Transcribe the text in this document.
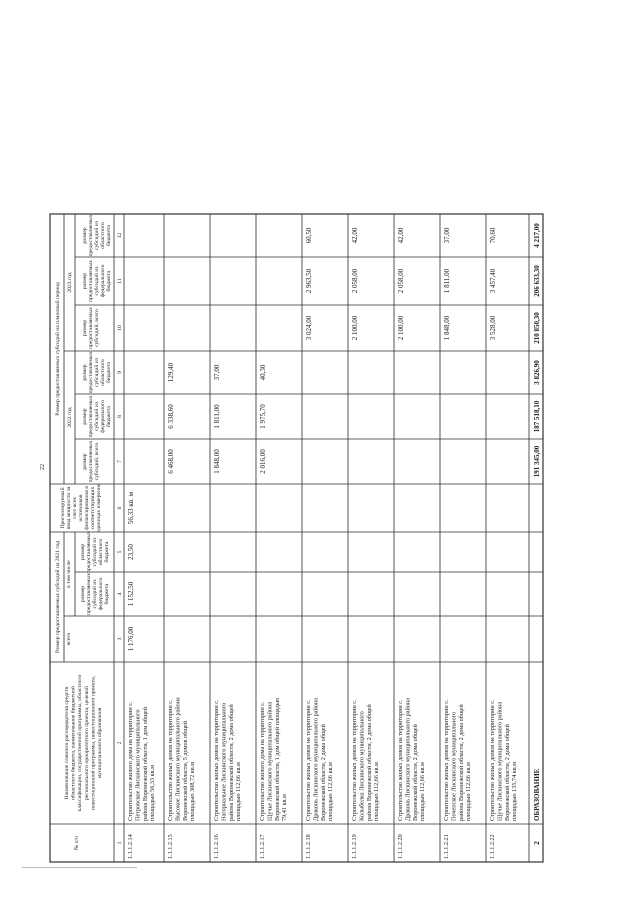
№ п/п
Наименование главного распорядителя средствобластного бюджета, наименование бюджетнойклассификации, государственной программы, областногорегионального приоритетного проекта, целевойинвестиционной программы, инвестиционного проекта,муниципального образования
Размер предоставляемых субсидий на 2021 год всего
в том числе
размерпредоставляемыхсубсидий изфедеральногобюджета
размерпредоставляемыхсубсидий изобластногобюджета
Прогнозируемыйввод мощности засчет всехисточниковфинансирования всоответствующихединицах измерения
Размер предоставляемых субсидий на плановый период
2022 год
2023 год
размерпредоставляемыхсубсидий, всего
размерпредоставляемыхсубсидий изфедеральногобюджета
размерпредоставляемыхсубсидий изобластногобюджета
размерпредоставляемыхсубсидий, всего
размерпредоставляемыхсубсидий изфедеральногобюджета
размерпредоставляемыхсубсидий изобластногобюджета
1
2
3
4
5
6
7
8
9
10
11
12
1.1.1.2.14
Строительство жилого дома на территории с.Петровское Лискинского муниципальногорайона Воронежской области, 1 дом общейплощадью 56,33 кв.м
1 176,00
1 152,50
23,50
56,33 кв. м
1.1.1.2.15
Строительство жилых домов на территории с.Высокое Лискинского муниципального районаВоронежской области, 5 домов общейплощадью 308,72 кв.м
6 468,00
6 338,60
129,40
1.1.1.2.16
Строительство жилых домов на территории с.Нагорнальное Лискинского муниципальногорайона Воронежской области, 2 дома общейплощадью 112,66 кв.м
1 848,00
1 811,00
37,00
1.1.1.2.17
Строительство жилого дома на территории с.Щучье Лискинского муниципального районаВоронежской области, 1 дом общей площадью79,41 кв.м
2 016,00
1 975,70
40,30
1.1.1.2.18
Строительство жилых домов на территории с.Драконь Лискинского муниципального районаВоронежской области, 2 дома общейплощадью 112,66 кв.м
3 024,00
2 963,50
60,50
1.1.1.2.19
Строительство жилых домов на территории с.Колыбелка Лискинского муниципальногорайона Воронежской области, 2 дома общейплощадью 112,66 кв.м
2 100,00
2 058,00
42,00
1.1.1.2.20
Строительство жилых домов на территории с.Драконь Лискинского муниципального районаВоронежской области, 2 дома общейплощадью 112,66 кв.м
2 100,00
2 058,00
42,00
1.1.1.2.21
Строительство жилых домов на территории с.Почепское Лискинского муниципальногорайона Воронежской области, 2 дома общейплощадью 112,66 кв.м
1 848,00
1 811,00
37,00
1.1.1.2.22
Строительство жилых домов на территории с.Щучье Лискинского муниципального районаВоронежской области, 2 дома общейплощадью 135,74 кв.м
3 528,00
3 457,40
70,60
2
ОБРАЗОВАНИЕ
191 345,00
187 518,10
3 826,90
210 850,30
206 633,30
4 217,00
22
